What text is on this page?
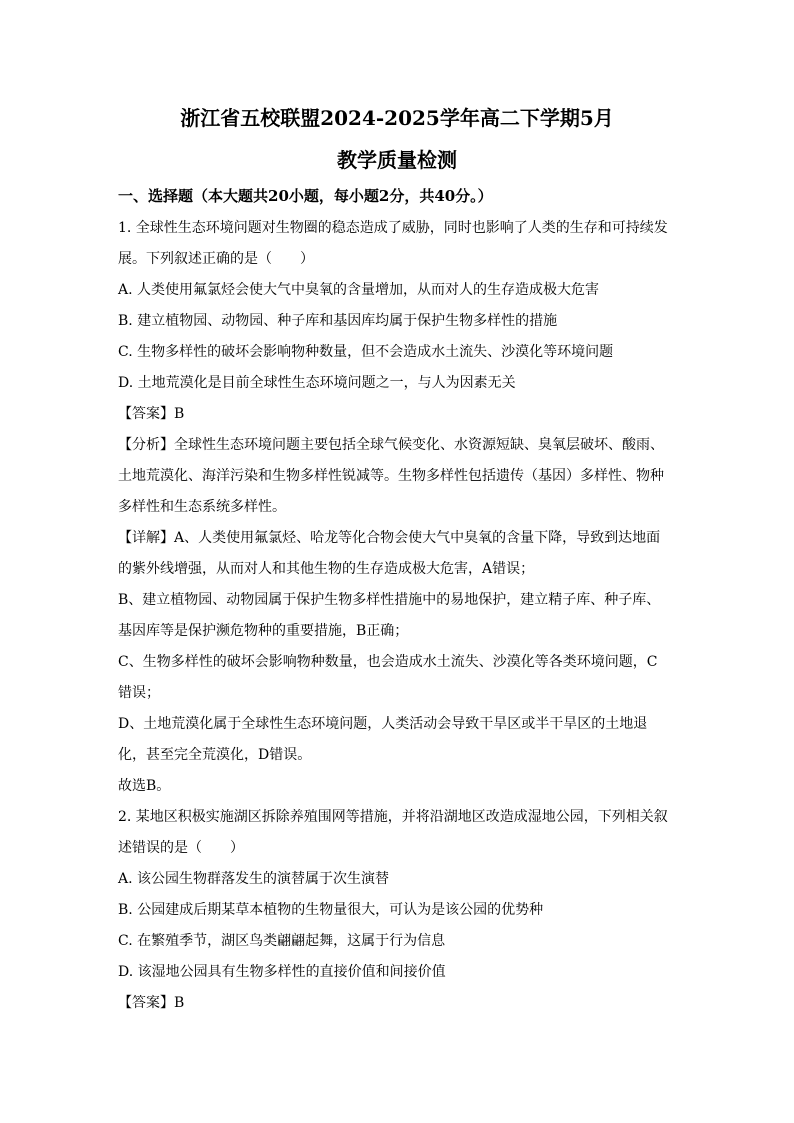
浙江省五校联盟2024-2025学年高二下学期5月
教学质量检测
一、选择题（本大题共20小题，每小题2分，共40分。）
1. 全球性生态环境问题对生物圈的稳态造成了威胁，同时也影响了人类的生存和可持续发
展。下列叙述正确的是（　　）
A. 人类使用氟氯烃会使大气中臭氧的含量增加，从而对人的生存造成极大危害
B. 建立植物园、动物园、种子库和基因库均属于保护生物多样性的措施
C. 生物多样性的破坏会影响物种数量，但不会造成水土流失、沙漠化等环境问题
D. 土地荒漠化是目前全球性生态环境问题之一，与人为因素无关
【答案】B
【分析】全球性生态环境问题主要包括全球气候变化、水资源短缺、臭氧层破坏、酸雨、
土地荒漠化、海洋污染和生物多样性锐减等。生物多样性包括遗传（基因）多样性、物种
多样性和生态系统多样性。
【详解】A、人类使用氟氯烃、哈龙等化合物会使大气中臭氧的含量下降，导致到达地面
的紫外线增强，从而对人和其他生物的生存造成极大危害，A错误；
B、建立植物园、动物园属于保护生物多样性措施中的易地保护，建立精子库、种子库、
基因库等是保护濒危物种的重要措施，B正确；
C、生物多样性的破坏会影响物种数量，也会造成水土流失、沙漠化等各类环境问题，C
错误；
D、土地荒漠化属于全球性生态环境问题，人类活动会导致干旱区或半干旱区的土地退
化，甚至完全荒漠化，D错误。
故选B。
2. 某地区积极实施湖区拆除养殖围网等措施，并将沿湖地区改造成湿地公园，下列相关叙
述错误的是（　　）
A. 该公园生物群落发生的演替属于次生演替
B. 公园建成后期某草本植物的生物量很大，可认为是该公园的优势种
C. 在繁殖季节，湖区鸟类翩翩起舞，这属于行为信息
D. 该湿地公园具有生物多样性的直接价值和间接价值
【答案】B
